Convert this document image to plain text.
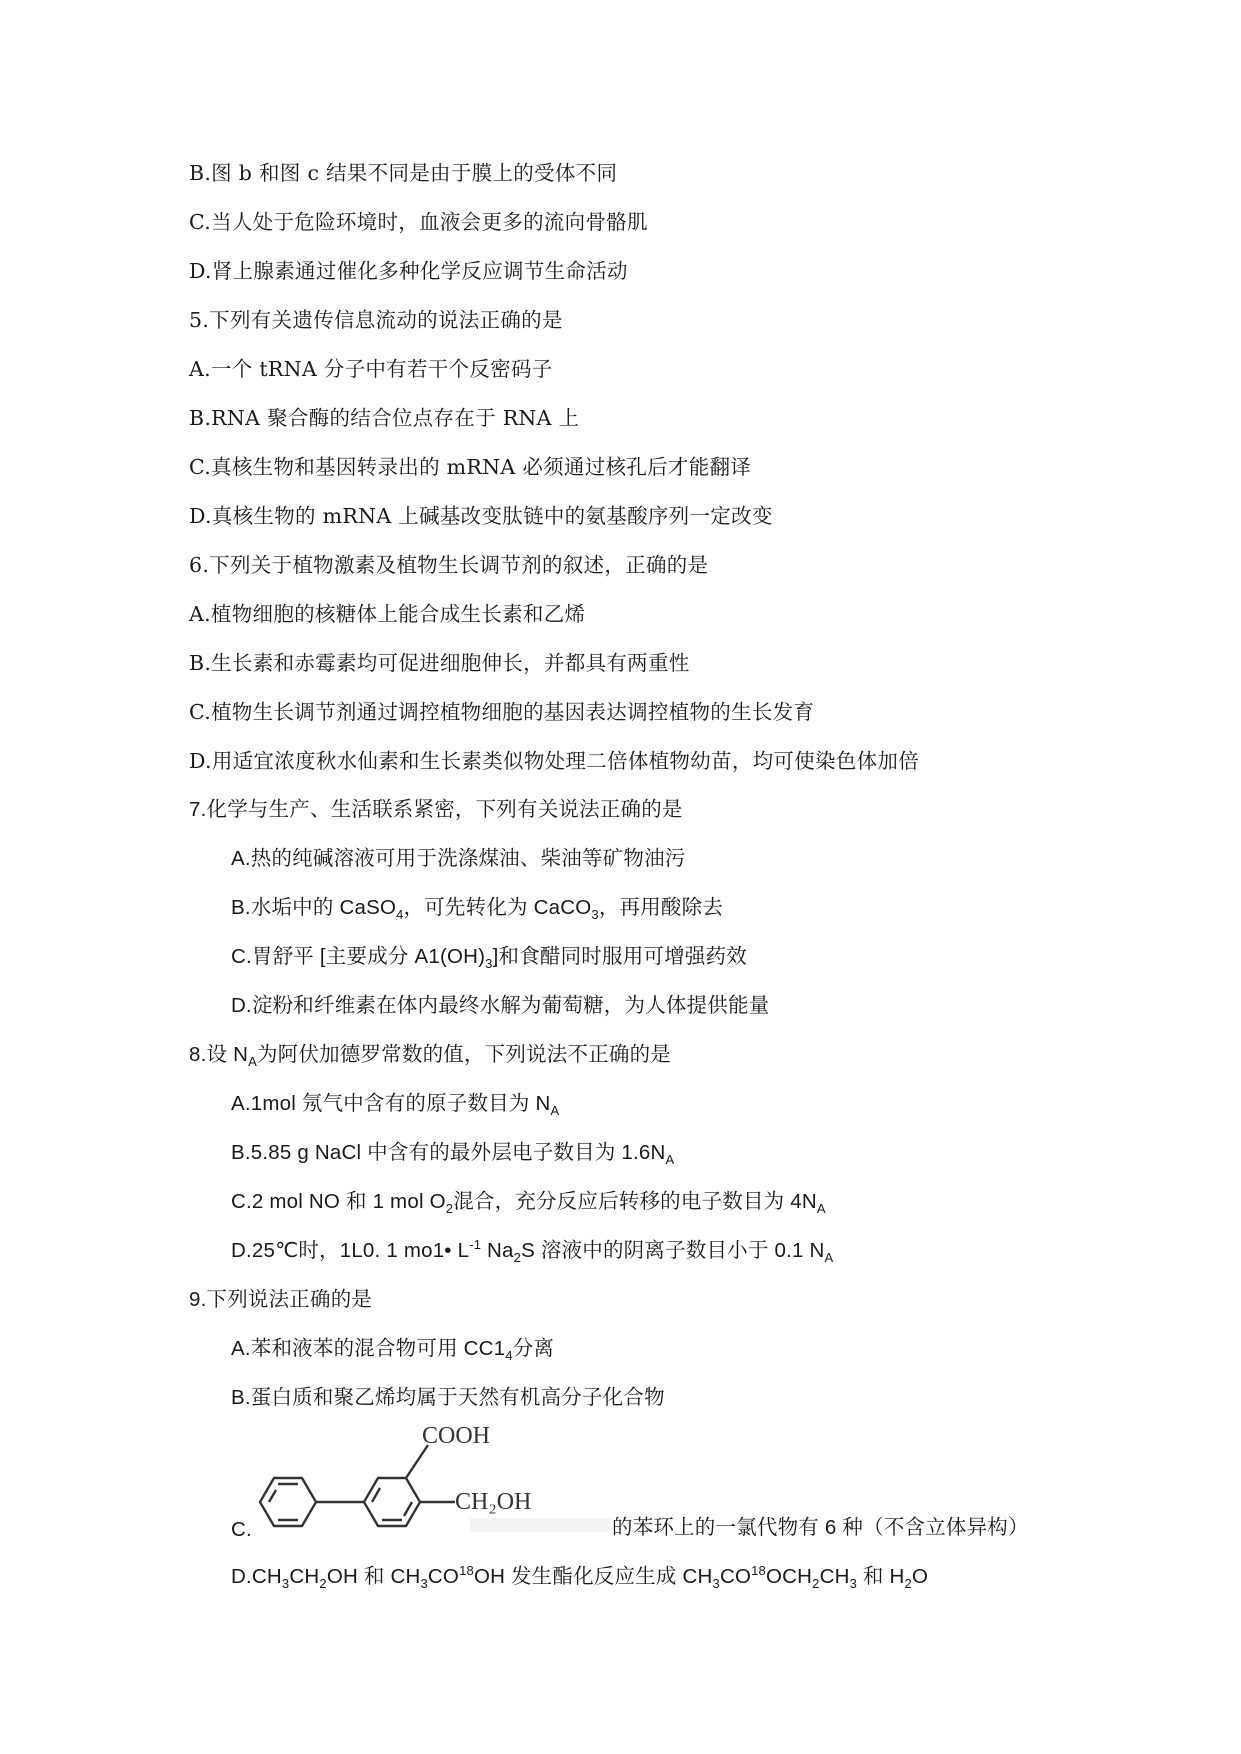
B.图 b 和图 c 结果不同是由于膜上的受体不同
C.当人处于危险环境时，血液会更多的流向骨骼肌
D.肾上腺素通过催化多种化学反应调节生命活动
5.下列有关遗传信息流动的说法正确的是
A.一个 tRNA 分子中有若干个反密码子
B.RNA 聚合酶的结合位点存在于 RNA 上
C.真核生物和基因转录出的 mRNA 必须通过核孔后才能翻译
D.真核生物的 mRNA 上碱基改变肽链中的氨基酸序列一定改变
6.下列关于植物激素及植物生长调节剂的叙述，正确的是
A.植物细胞的核糖体上能合成生长素和乙烯
B.生长素和赤霉素均可促进细胞伸长，并都具有两重性
C.植物生长调节剂通过调控植物细胞的基因表达调控植物的生长发育
D.用适宜浓度秋水仙素和生长素类似物处理二倍体植物幼苗，均可使染色体加倍
7.化学与生产、生活联系紧密，下列有关说法正确的是
A.热的纯碱溶液可用于洗涤煤油、柴油等矿物油污
B.水垢中的 CaSO$_4$，可先转化为 CaCO$_3$，再用酸除去
C.胃舒平 [主要成分 $A1(OH)_3$]和食醋同时服用可增强药效
D.淀粉和纤维素在体内最终水解为葡萄糖，为人体提供能量
8.设 $N_A$为阿伏加德罗常数的值，下列说法不正确的是
A.1mol 氖气中含有的原子数目为 $N_A$
B.5.85 g NaCl 中含有的最外层电子数目为 $1.6N_A$
C.2 mol NO 和 1 mol $O_2$混合，充分反应后转移的电子数目为 $4N_A$
D.25℃时，1L0. 1 mo1• $L^{-1}$ $Na_2S$ 溶液中的阴离子数目小于 0.1 $N_A$
9.下列说法正确的是
A.苯和液苯的混合物可用 $CC1_4$分离
B.蛋白质和聚乙烯均属于天然有机高分子化合物
COOH
CH₂OH
C.	的苯环上的一氯代物有 6 种（不含立体异构）
$D.CH_3CH_2OH$ 和 $CH_3CO^{18}OH$ 发生酯化反应生成 $CH_3CO^{18}OCH_2CH_3$ 和 $H_2O$
